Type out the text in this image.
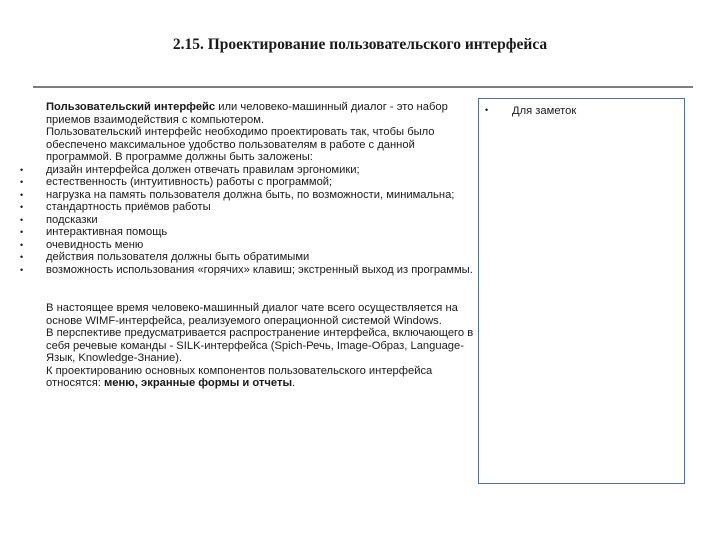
2.15. Проектирование пользовательского интерфейса

Пользовательский интерфейс или человеко-машинный диалог - это набор приемов взаимодействия с компьютером.

Пользовательский интерфейс необходимо проектировать так, чтобы было обеспечено максимальное удобство пользователям в работе с данной программой. В программе должны быть заложены:

• дизайн интерфейса должен отвечать правилам эргономики;
• естественность (интуитивность) работы с программой;
• нагрузка на память пользователя должна быть, по возможности, минимальна;
• стандартность приёмов работы
• подсказки
• интерактивная помощь
• очевидность меню
• действия пользователя должны быть обратимыми
• возможность использования «горячих» клавиш; экстренный выход из программы.

В настоящее время человеко-машинный диалог чате всего осуществляется на основе WIMF-интерфейса, реализуемого операционной системой Windows.

В перспективе предусматривается распространение интерфейса, включающего в себя речевые команды - SILK-интерфейса (Spich-Речь, Image-Образ, Language-Язык, Knowledge-Знание).

К проектированию основных компонентов пользовательского интерфейса относятся: меню, экранные формы и отчеты.

• Для заметок
